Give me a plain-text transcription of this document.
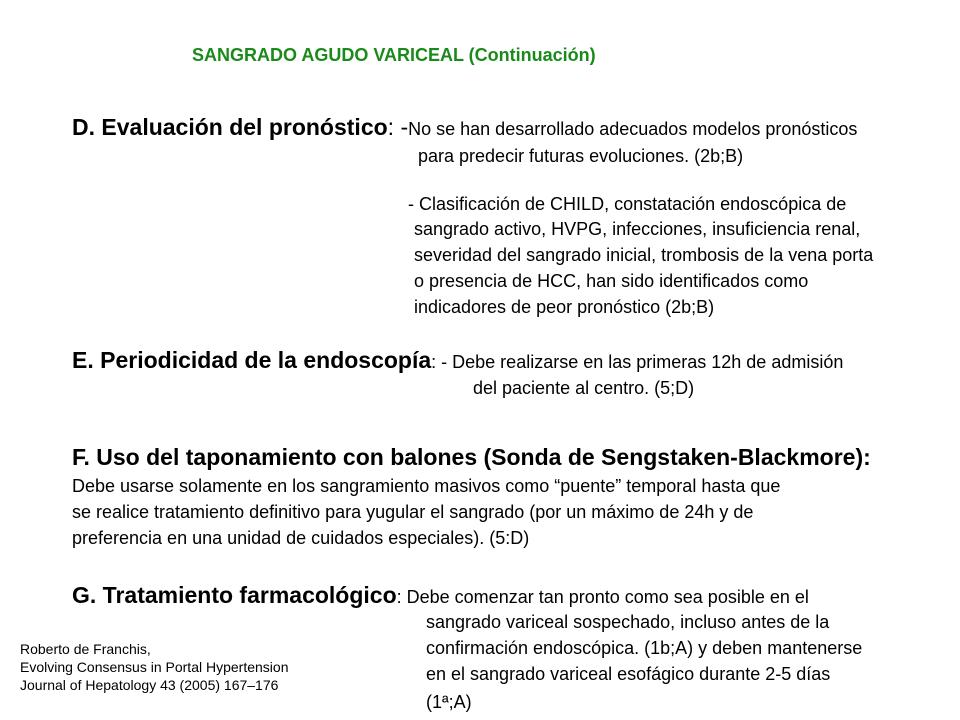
SANGRADO AGUDO VARICEAL (Continuación)
D. Evaluación del pronóstico: -No se han desarrollado adecuados modelos pronósticos
para predecir futuras evoluciones. (2b;B)
- Clasificación de CHILD, constatación endoscópica de
sangrado activo, HVPG, infecciones, insuficiencia renal,
severidad del sangrado inicial, trombosis de la vena porta
o presencia de HCC, han sido identificados como
indicadores de peor pronóstico (2b;B)
E. Periodicidad de la endoscopía: - Debe realizarse en las primeras 12h de admisión
del paciente al centro. (5;D)
F. Uso del taponamiento con balones (Sonda de Sengstaken-Blackmore):
Debe usarse solamente en los sangramiento masivos como “puente” temporal hasta que
se realice tratamiento definitivo para yugular el sangrado (por un máximo de 24h y de
preferencia en una unidad de cuidados especiales). (5:D)
G. Tratamiento farmacológico: Debe comenzar tan pronto como sea posible en el
sangrado variceal sospechado, incluso antes de la
confirmación endoscópica. (1b;A) y deben mantenerse
en el sangrado variceal esofágico durante 2-5 días
(1ª;A)
Roberto de Franchis,
Evolving Consensus in Portal Hypertension
Journal of Hepatology 43 (2005) 167–176
